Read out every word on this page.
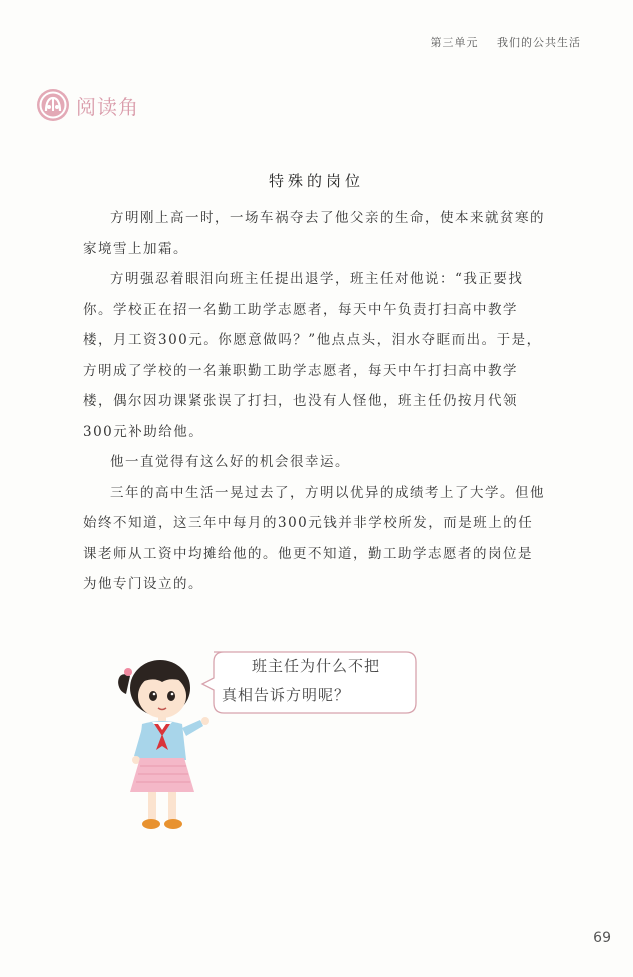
第三单元 我们的公共生活
阅读角
特殊的岗位

方明刚上高一时，一场车祸夺去了他父亲的生命，使本来就贫寒的家境雪上加霜。

方明强忍着眼泪向班主任提出退学，班主任对他说：“我正要找你。学校正在招一名勤工助学志愿者，每天中午负责打扫高中教学楼，月工资300元。你愿意做吗？”他点点头，泪水夺眶而出。于是，方明成了学校的一名兼职勤工助学志愿者，每天中午打扫高中教学楼，偶尔因功课紧张误了打扫，也没有人怪他，班主任仍按月代领300元补助给他。

他一直觉得有这么好的机会很幸运。

三年的高中生活一晃过去了，方明以优异的成绩考上了大学。但他始终不知道，这三年中每月的300元钱并非学校所发，而是班上的任课老师从工资中均摊给他的。他更不知道，勤工助学志愿者的岗位是为他专门设立的。

班主任为什么不把
真相告诉方明呢？
69
